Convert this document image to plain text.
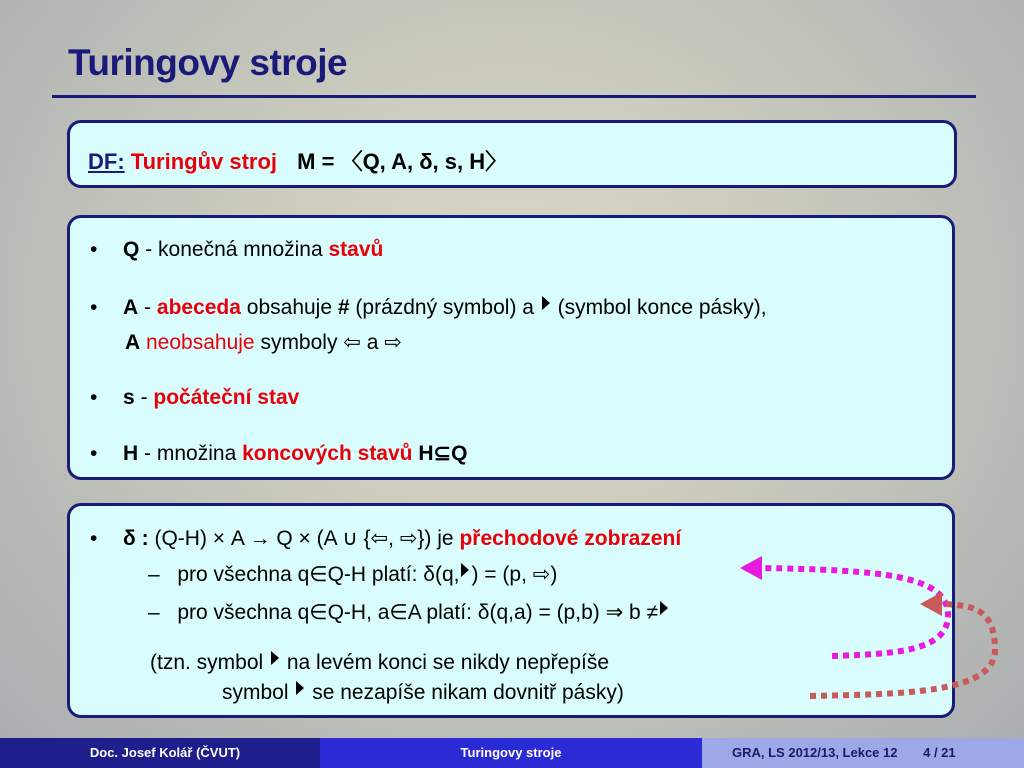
Turingovy stroje
DF: Turingův stroj M = 〈Q, A, δ, s, H〉
• Q - konečná množina stavů
• A - abeceda obsahuje # (prázdný symbol) a  (symbol konce pásky),
A neobsahuje symboly ⇦ a ⇨
• s - počáteční stav
• H - množina koncových stavů H⊆Q
• δ : (Q-H) × A → Q × (A ∪ {⇦, ⇨}) je přechodové zobrazení
– pro všechna q∈Q-H platí: δ(q, ) = (p, ⇨)
– pro všechna q∈Q-H, a∈A platí: δ(q,a) = (p,b) ⇒ b ≠
(tzn. symbol  na levém konci se nikdy nepřepíše
symbol  se nezapíše nikam dovnitř pásky)
Doc. Josef Kolář (ČVUT)	Turingovy stroje	GRA, LS 2012/13, Lekce 12 4 / 21
